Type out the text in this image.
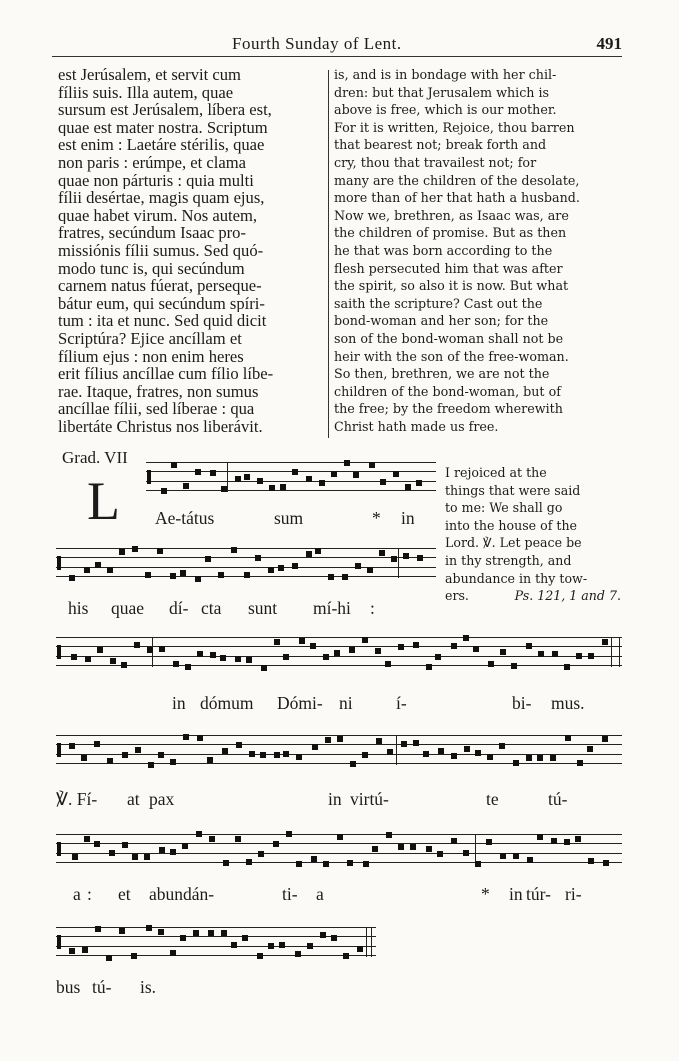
Fourth Sunday of Lent.	491
est Jerúsalem, et servit cum
fíliis suis. Illa autem, quae
sursum est Jerúsalem, líbera est,
quae est mater nostra. Scriptum
est enim : Laetáre stérilis, quae
non paris : erúmpe, et clama
quae non párturis : quia multi
fílii desértae, magis quam ejus,
quae habet virum. Nos autem,
fratres, secúndum Isaac pro-
missiónis fílii sumus. Sed quó-
modo tunc is, qui secúndum
carnem natus fúerat, perseque-
bátur eum, qui secúndum spíri-
tum : ita et nunc. Sed quid dicit
Scriptúra? Ejice ancíllam et
fílium ejus : non enim heres
erit fílius ancíllae cum fílio líbe-
rae. Itaque, fratres, non sumus
ancíllae fílii, sed líberae : qua
libertáte Christus nos liberávit.
is, and is in bondage with her chil-
dren: but that Jerusalem which is
above is free, which is our mother.
For it is written, Rejoice, thou barren
that bearest not; break forth and
cry, thou that travailest not; for
many are the children of the desolate,
more than of her that hath a husband.
Now we, brethren, as Isaac was, are
the children of promise. But as then
he that was born according to the
flesh persecuted him that was after
the spirit, so also it is now. But what
saith the scripture? Cast out the
bond-woman and her son; for the
son of the bond-woman shall not be
heir with the son of the free-woman.
So then, brethren, we are not the
children of the bond-woman, but of
the free; by the freedom wherewith
Christ hath made us free.
Grad. VII
L Ae-tátus	sum	* in
his quae dí- cta sunt mí-hi :
I rejoiced at the
things that were said
to me: We shall go
into the house of the
Lord. ℣. Let peace be
in thy strength, and
abundance in thy tow-
ers.	Ps. 121, 1 and 7.
in dómum Dómi- ni í-	bi- mus.
℣. Fí- at pax	in virtú-	te	tú-
a : et abundán-	ti- a	* in túr- ri-
bus tú- is.
